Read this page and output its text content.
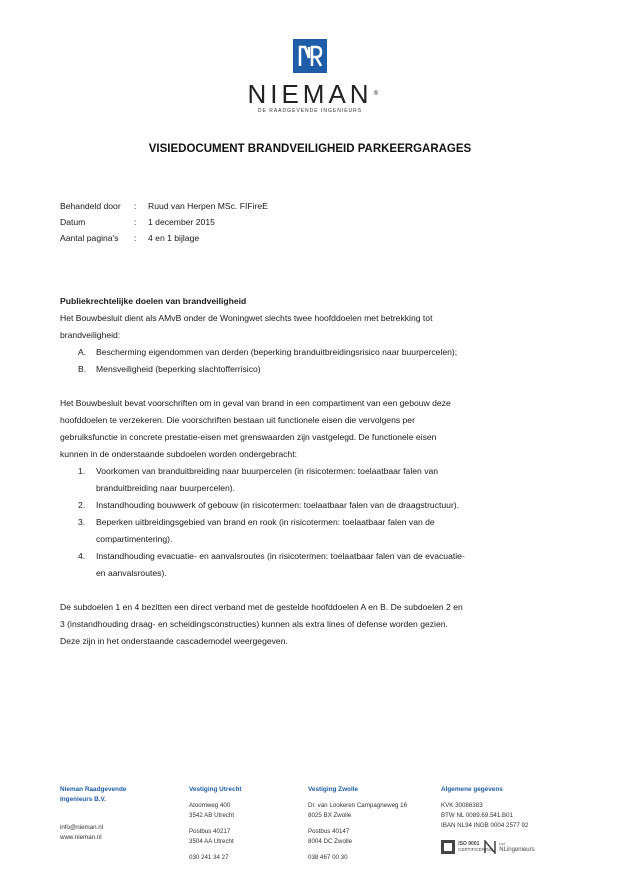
NIEMAN ®
DE RAADGEVENDE INGENIEURS
VISIEDOCUMENT BRANDVEILIGHEID PARKEERGARAGES
Behandeld door	: Ruud van Herpen MSc. FIFireE
Datum	: 1 december 2015
Aantal pagina's	: 4 en 1 bijlage
Publiekrechtelijke doelen van brandveiligheid
Het Bouwbesluit dient als AMvB onder de Woningwet slechts twee hoofddoelen met betrekking tot
brandveiligheid:
A. Bescherming eigendommen van derden (beperking branduitbreidingsrisico naar buurpercelen);
B. Mensveiligheid (beperking slachtofferrisico)
Het Bouwbesluit bevat voorschriften om in geval van brand in een compartiment van een gebouw deze
hoofddoelen te verzekeren. Die voorschriften bestaan uit functionele eisen die vervolgens per
gebruiksfunctie in concrete prestatie-eisen met grenswaarden zijn vastgelegd. De functionele eisen
kunnen in de onderstaande subdoelen worden ondergebracht:
1. Voorkomen van branduitbreiding naar buurpercelen (in risicotermen: toelaatbaar falen van
branduitbreiding naar buurpercelen).
2. Instandhouding bouwwerk of gebouw (in risicotermen: toelaatbaar falen van de draagstructuur).
3. Beperken uitbreidingsgebied van brand en rook (in risicotermen: toelaatbaar falen van de
compartimentering).
4. Instandhouding evacuatie- en aanvalsroutes (in risicotermen: toelaatbaar falen van de evacuatie-
en aanvalsroutes).
De subdoelen 1 en 4 bezitten een direct verband met de gestelde hoofddoelen A en B. De subdoelen 2 en
3 (instandhouding draag- en scheidingsconstructies) kunnen als extra lines of defense worden gezien.
Deze zijn in het onderstaande cascademodel weergegeven.
Nieman Raadgevende
Ingenieurs B.V.
info@nieman.nl
www.nieman.nl
Vestiging Utrecht
Atoomweg 400
3542 AB Utrecht
Postbus 40217
3504 AA Utrecht
030 241 34 27
Vestiging Zwolle
Dr. van Lookeren Campagneweg 16
8025 BX Zwolle
Postbus 40147
8004 DC Zwolle
038 467 00 30
Algemene gegevens
KVK 30086383
BTW NL 0089.69.541.B01
IBAN NL94 INGB 0004 2577 92

ISO 9001
CERTIFICERING

Lid
NLingenieurs
